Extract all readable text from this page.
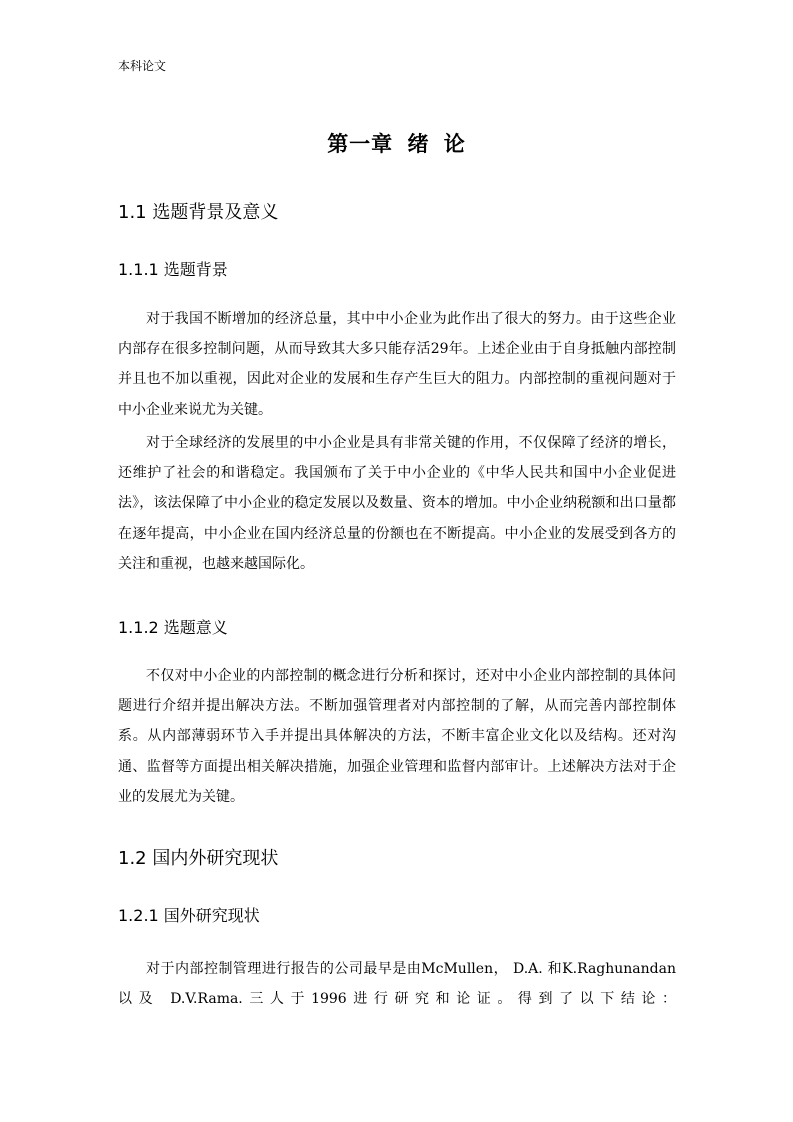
本科论文
第一章 绪 论
1.1 选题背景及意义
1.1.1 选题背景

对于我国不断增加的经济总量，其中中小企业为此作出了很大的努力。由于这些企业内部存在很多控制问题，从而导致其大多只能存活29年。上述企业由于自身抵触内部控制并且也不加以重视，因此对企业的发展和生存产生巨大的阻力。内部控制的重视问题对于中小企业来说尤为关键。

对于全球经济的发展里的中小企业是具有非常关键的作用，不仅保障了经济的增长，还维护了社会的和谐稳定。我国颁布了关于中小企业的《中华人民共和国中小企业促进法》，该法保障了中小企业的稳定发展以及数量、资本的增加。中小企业纳税额和出口量都在逐年提高，中小企业在国内经济总量的份额也在不断提高。中小企业的发展受到各方的关注和重视，也越来越国际化。

1.1.2 选题意义

不仅对中小企业的内部控制的概念进行分析和探讨，还对中小企业内部控制的具体问题进行介绍并提出解决方法。不断加强管理者对内部控制的了解，从而完善内部控制体系。从内部薄弱环节入手并提出具体解决的方法，不断丰富企业文化以及结构。还对沟通、监督等方面提出相关解决措施，加强企业管理和监督内部审计。上述解决方法对于企业的发展尤为关键。

1.2 国内外研究现状
1.2.1 国外研究现状

对于内部控制管理进行报告的公司最早是由McMullen， D.A. 和K.Raghunandan以及 D.V.Rama.三人于1996进行研究和论证。得到了以下结论：
